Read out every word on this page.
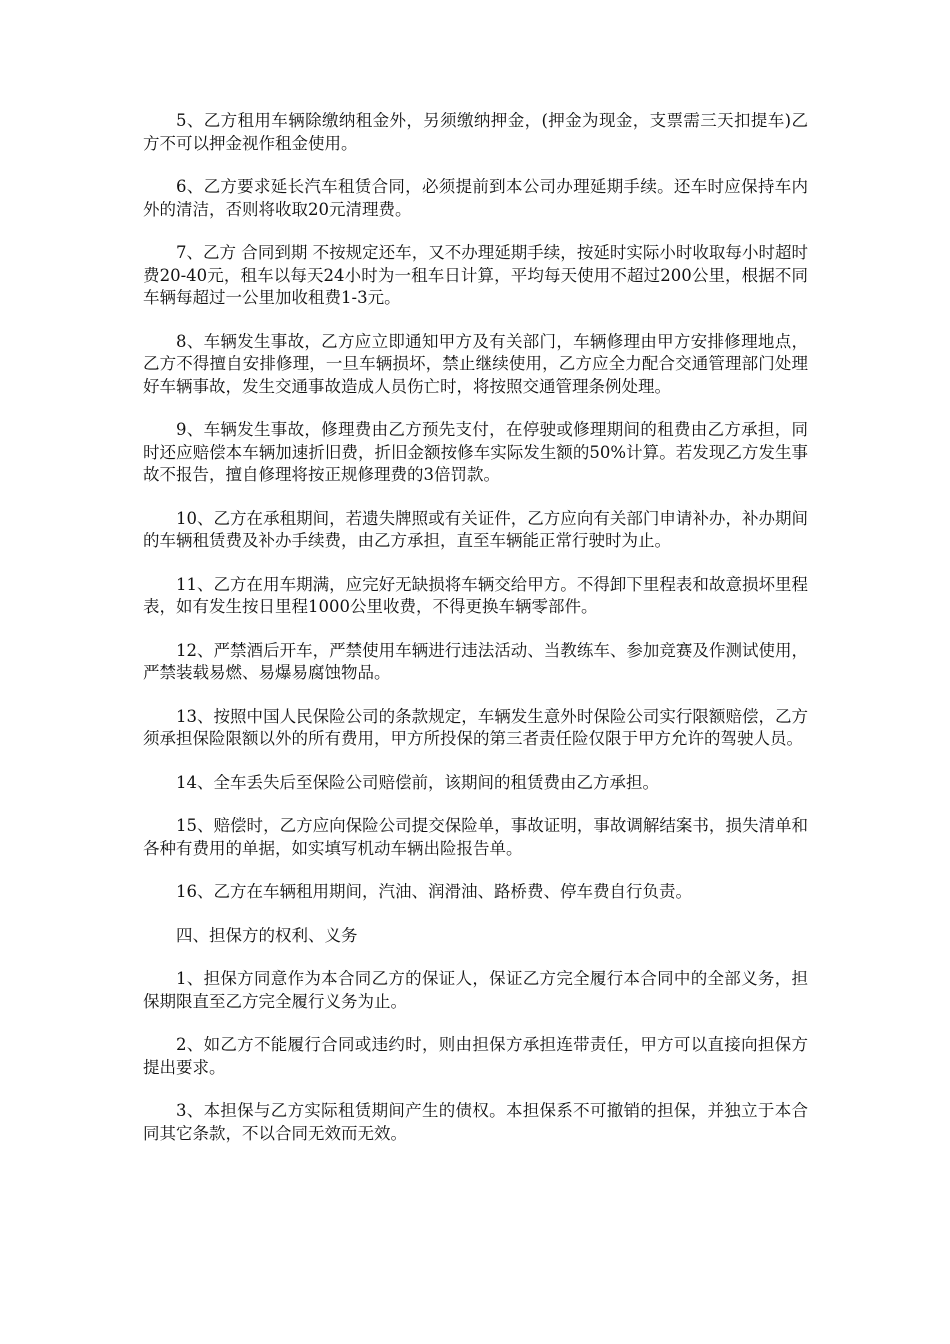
5、乙方租用车辆除缴纳租金外，另须缴纳押金，(押金为现金，支票需三天扣提车)乙方不可以押金视作租金使用。

6、乙方要求延长汽车租赁合同，必须提前到本公司办理延期手续。还车时应保持车内外的清洁，否则将收取20元清理费。

7、乙方 合同到期 不按规定还车，又不办理延期手续，按延时实际小时收取每小时超时费20-40元，租车以每天24小时为一租车日计算，平均每天使用不超过200公里，根据不同车辆每超过一公里加收租费1-3元。

8、车辆发生事故，乙方应立即通知甲方及有关部门，车辆修理由甲方安排修理地点，乙方不得擅自安排修理，一旦车辆损坏，禁止继续使用，乙方应全力配合交通管理部门处理好车辆事故，发生交通事故造成人员伤亡时，将按照交通管理条例处理。

9、车辆发生事故，修理费由乙方预先支付，在停驶或修理期间的租费由乙方承担，同时还应赔偿本车辆加速折旧费，折旧金额按修车实际发生额的50%计算。若发现乙方发生事故不报告，擅自修理将按正规修理费的3倍罚款。

10、乙方在承租期间，若遗失牌照或有关证件，乙方应向有关部门申请补办，补办期间的车辆租赁费及补办手续费，由乙方承担，直至车辆能正常行驶时为止。

11、乙方在用车期满，应完好无缺损将车辆交给甲方。不得卸下里程表和故意损坏里程表，如有发生按日里程1000公里收费，不得更换车辆零部件。

12、严禁酒后开车，严禁使用车辆进行违法活动、当教练车、参加竞赛及作测试使用，严禁装载易燃、易爆易腐蚀物品。

13、按照中国人民保险公司的条款规定，车辆发生意外时保险公司实行限额赔偿，乙方须承担保险限额以外的所有费用，甲方所投保的第三者责任险仅限于甲方允许的驾驶人员。

14、全车丢失后至保险公司赔偿前，该期间的租赁费由乙方承担。

15、赔偿时，乙方应向保险公司提交保险单，事故证明，事故调解结案书，损失清单和各种有费用的单据，如实填写机动车辆出险报告单。

16、乙方在车辆租用期间，汽油、润滑油、路桥费、停车费自行负责。

四、担保方的权利、义务

1、担保方同意作为本合同乙方的保证人，保证乙方完全履行本合同中的全部义务，担保期限直至乙方完全履行义务为止。

2、如乙方不能履行合同或违约时，则由担保方承担连带责任，甲方可以直接向担保方提出要求。

3、本担保与乙方实际租赁期间产生的债权。本担保系不可撤销的担保，并独立于本合同其它条款，不以合同无效而无效。
